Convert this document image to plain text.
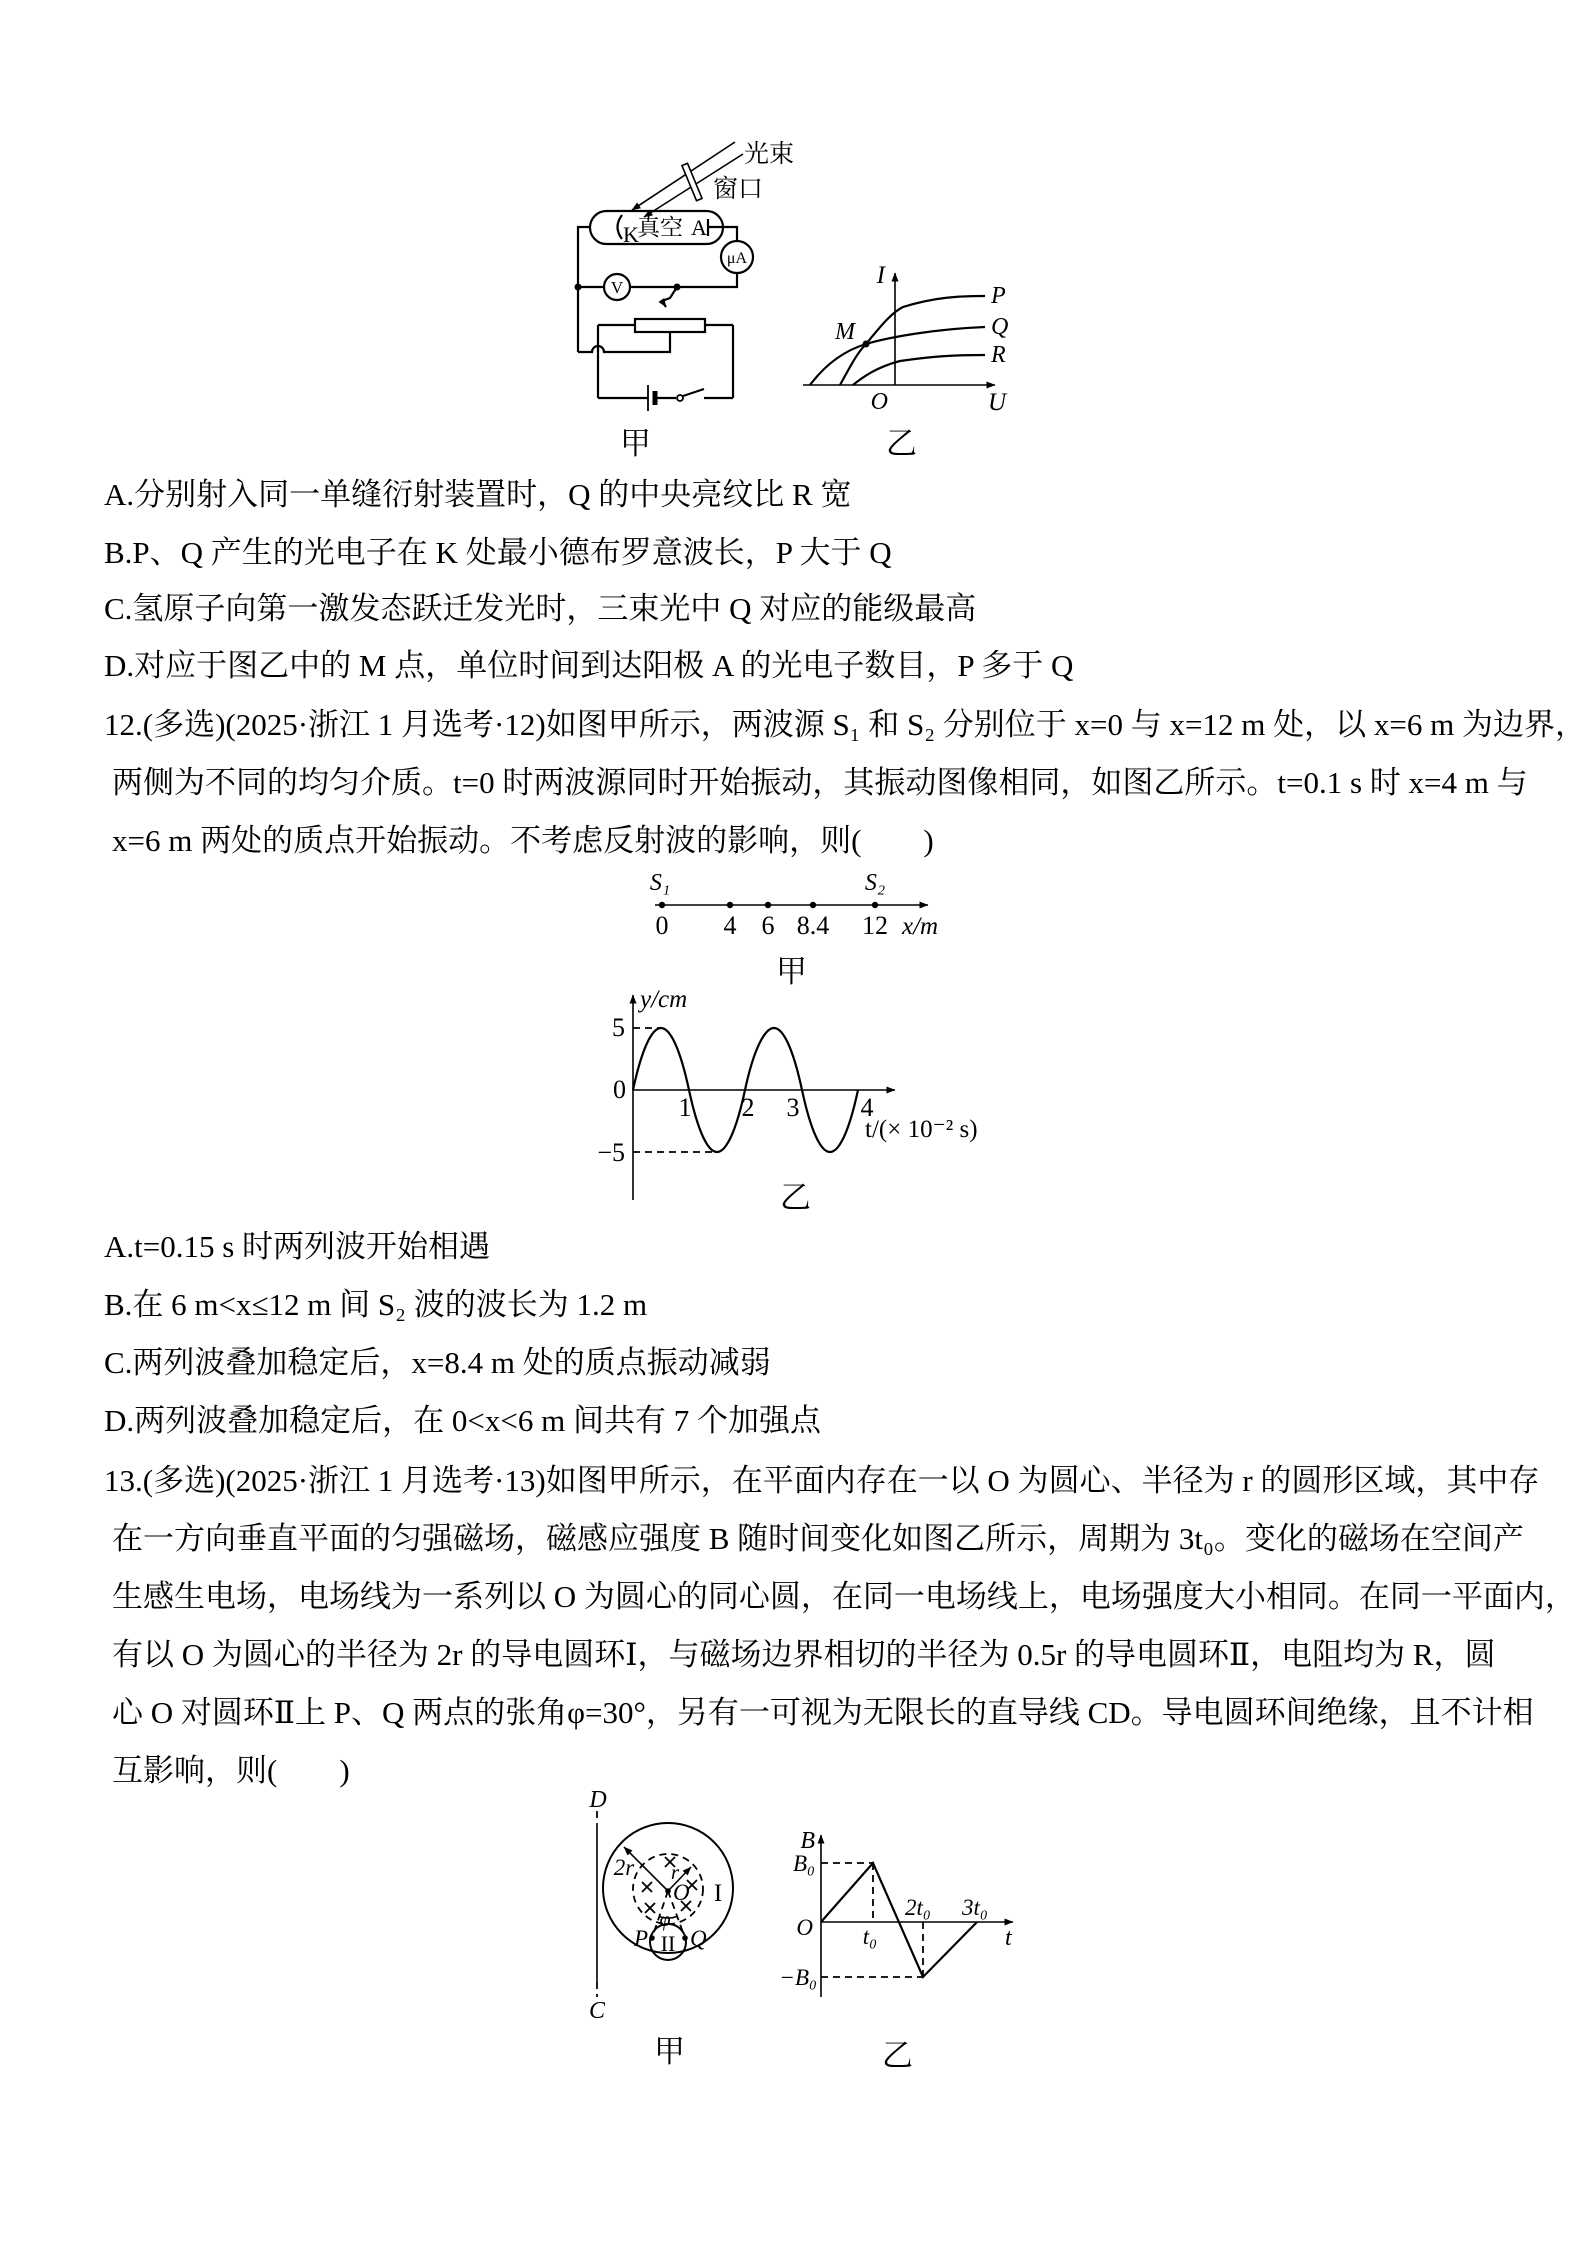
光束
窗口
K
真空 A
μA
V
甲
I
U
O
M
P
Q
R
乙
A.分别射入同一单缝衍射装置时，Q 的中央亮纹比 R 宽
B.P、Q 产生的光电子在 K 处最小德布罗意波长，P 大于 Q
C.氢原子向第一激发态跃迁发光时，三束光中 Q 对应的能级最高
D.对应于图乙中的 M 点，单位时间到达阳极 A 的光电子数目，P 多于 Q
12.(多选)(2025·浙江 1 月选考·12)如图甲所示，两波源 S₁ 和 S₂ 分别位于 x=0 与 x=12 m 处，以 x=6 m 为边界，
两侧为不同的均匀介质。t=0 时两波源同时开始振动，其振动图像相同，如图乙所示。t=0.1 s 时 x=4 m 与
x=6 m 两处的质点开始振动。不考虑反射波的影响，则(　　)
S₁	S₂
0 4 6 8.4 12 x/m
甲
y/cm
5
0
−5
1 2 3 4
t/(× 10⁻² s)
乙
A.t=0.15 s 时两列波开始相遇
B.在 6 m<x≤12 m 间 S₂ 波的波长为 1.2 m
C.两列波叠加稳定后，x=8.4 m 处的质点振动减弱
D.两列波叠加稳定后，在 0<x<6 m 间共有 7 个加强点
13.(多选)(2025·浙江 1 月选考·13)如图甲所示，在平面内存在一以 O 为圆心、半径为 r 的圆形区域，其中存
在一方向垂直平面的匀强磁场，磁感应强度 B 随时间变化如图乙所示，周期为 3t₀。变化的磁场在空间产
生感生电场，电场线为一系列以 O 为圆心的同心圆，在同一电场线上，电场强度大小相同。在同一平面内，
有以 O 为圆心的半径为 2r 的导电圆环Ⅰ，与磁场边界相切的半径为 0.5r 的导电圆环Ⅱ，电阻均为 R，圆
心 O 对圆环Ⅱ上 P、Q 两点的张角φ=30°，另有一可视为无限长的直导线 CD。导电圆环间绝缘，且不计相
互影响，则(　　)
D
C
O
2r r
I
φ
II
P Q
甲
B
B₀
O
−B₀
t₀
2t₀ 3t₀
t
乙
